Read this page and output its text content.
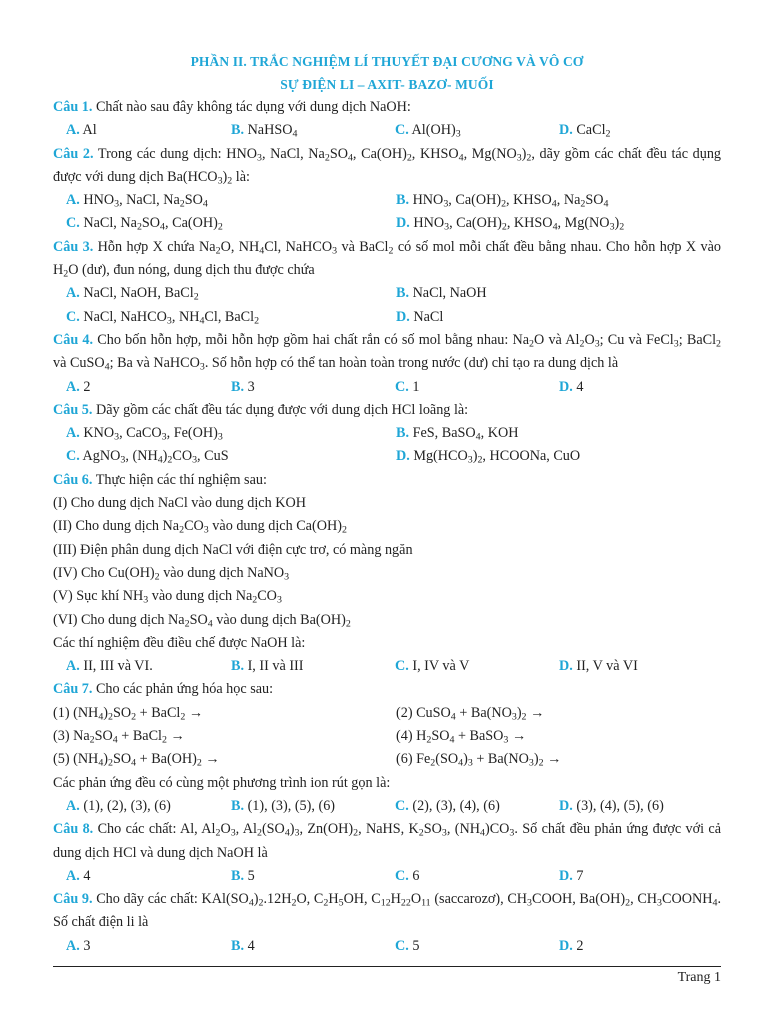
PHẦN II. TRẮC NGHIỆM LÍ THUYẾT ĐẠI CƯƠNG VÀ VÔ CƠ
SỰ ĐIỆN LI – AXIT- BAZƠ- MUỐI
Câu 1. Chất nào sau đây không tác dụng với dung dịch NaOH:
A. Al	B. NaHSO$_4$	C. $Al(OH)_3$	D. CaCl$_2$
Câu 2. Trong các dung dịch: $HNO_3$, NaCl, $Na_2SO_4$, $Ca(OH)_2$, $KHSO_4$, $Mg(NO_3)_2$, dãy gồm các chất đều tác dụng được với dung dịch $Ba(HCO_3)_2$ là:
A. $HNO_3$, NaCl, $Na_2SO_4$	B. $HNO_3$, $Ca(OH)_2$, $KHSO_4$, $Na_2SO_4$
C. NaCl, $Na_2SO_4$, $Ca(OH)_2$	D. $HNO_3$, $Ca(OH)_2$, $KHSO_4$, $Mg(NO_3)_2$
Câu 3. Hỗn hợp X chứa $Na_2O$, $NH_4Cl$, NaHCO$_3$ và BaCl$_2$ có số mol mỗi chất đều bằng nhau. Cho hỗn hợp X vào $H_2O$ (dư), đun nóng, dung dịch thu được chứa
A. NaCl, NaOH, BaCl$_2$	B. NaCl, NaOH
C. NaCl, NaHCO$_3$, $NH_4Cl$, BaCl$_2$	D. NaCl
Câu 4. Cho bốn hỗn hợp, mỗi hỗn hợp gồm hai chất rắn có số mol bằng nhau: $Na_2O$ và $Al_2O_3$; Cu và FeCl$_3$; BaCl$_2$ và CuSO$_4$; Ba và NaHCO$_3$. Số hỗn hợp có thể tan hoàn toàn trong nước (dư) chỉ tạo ra dung dịch là
A. 2	B. 3	C. 1	D. 4
Câu 5. Dãy gồm các chất đều tác dụng được với dung dịch HCl loãng là:
A. $KNO_3$, CaCO$_3$, $Fe(OH)_3$	B. FeS, BaSO$_4$, KOH
C. AgNO$_3$, $(NH_4)_2CO_3$, CuS	D. $Mg(HCO_3)_2$, HCOONa, CuO
Câu 6. Thực hiện các thí nghiệm sau:
(I) Cho dung dịch NaCl vào dung dịch KOH
(II) Cho dung dịch $Na_2CO_3$ vào dung dịch $Ca(OH)_2$
(III) Điện phân dung dịch NaCl với điện cực trơ, có màng ngăn
(IV) Cho $Cu(OH)_2$ vào dung dịch NaNO$_3$
(V) Sục khí $NH_3$ vào dung dịch $Na_2CO_3$
(VI) Cho dung dịch $Na_2SO_4$ vào dung dịch $Ba(OH)_2$
Các thí nghiệm đều điều chế được NaOH là:
A. II, III và VI.	B. I, II và III	C. I, IV và V	D. II, V và VI
Câu 7. Cho các phản ứng hóa học sau:
(1) $(NH_4)_2SO_2$ + BaCl$_2$ →	(2) CuSO$_4$ + $Ba(NO_3)_2$ →
(3) $Na_2SO_4$ + BaCl$_2$ →	(4) $H_2SO_4$ + BaSO$_3$ →
(5) $(NH_4)_2SO_4 + Ba(OH)_2$ →	(6) $Fe_2(SO_4)_3 + Ba(NO_3)_2$ →
Các phản ứng đều có cùng một phương trình ion rút gọn là:
A. (1), (2), (3), (6)	B. (1), (3), (5), (6)	C. (2), (3), (4), (6)	D. (3), (4), (5), (6)
Câu 8. Cho các chất: Al, $Al_2O_3$, $Al_2(SO_4)_3$, $Zn(OH)_2$, NaHS, $K_2SO_3$, $(NH_4)CO_3$. Số chất đều phản ứng được với cả dung dịch HCl và dung dịch NaOH là
A. 4	B. 5	C. 6	D. 7
Câu 9. Cho dãy các chất: $KAl(SO_4)_2.12H_2O$, $C_2H_5OH$, $C_{12}H_{22}O_{11}$ (saccarozơ), $CH_3COOH$, $Ba(OH)_2$, $CH_3COONH_4$. Số chất điện li là
A. 3	B. 4	C. 5	D. 2
Trang 1
